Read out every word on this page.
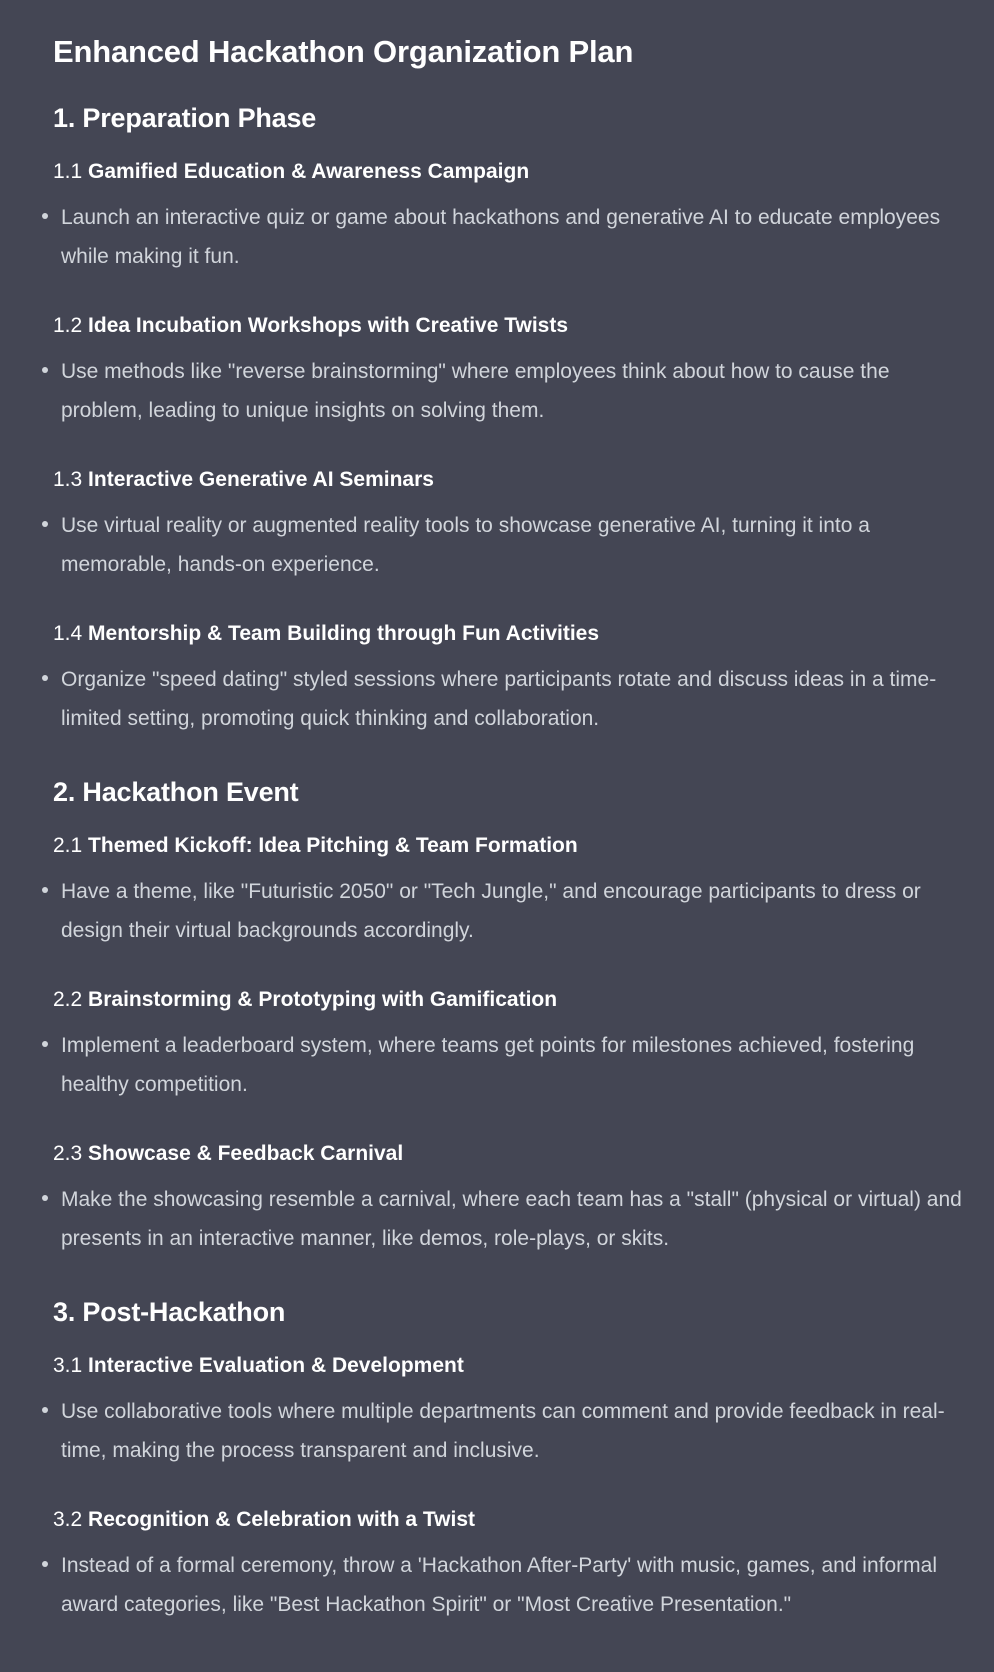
Enhanced Hackathon Organization Plan
1. Preparation Phase
1.1 Gamified Education & Awareness Campaign
Launch an interactive quiz or game about hackathons and generative AI to educate employees while making it fun.
1.2 Idea Incubation Workshops with Creative Twists
Use methods like "reverse brainstorming" where employees think about how to cause the problem, leading to unique insights on solving them.
1.3 Interactive Generative AI Seminars
Use virtual reality or augmented reality tools to showcase generative AI, turning it into a memorable, hands-on experience.
1.4 Mentorship & Team Building through Fun Activities
Organize "speed dating" styled sessions where participants rotate and discuss ideas in a time-limited setting, promoting quick thinking and collaboration.
2. Hackathon Event
2.1 Themed Kickoff: Idea Pitching & Team Formation
Have a theme, like "Futuristic 2050" or "Tech Jungle," and encourage participants to dress or design their virtual backgrounds accordingly.
2.2 Brainstorming & Prototyping with Gamification
Implement a leaderboard system, where teams get points for milestones achieved, fostering healthy competition.
2.3 Showcase & Feedback Carnival
Make the showcasing resemble a carnival, where each team has a "stall" (physical or virtual) and presents in an interactive manner, like demos, role-plays, or skits.
3. Post-Hackathon
3.1 Interactive Evaluation & Development
Use collaborative tools where multiple departments can comment and provide feedback in real-time, making the process transparent and inclusive.
3.2 Recognition & Celebration with a Twist
Instead of a formal ceremony, throw a 'Hackathon After-Party' with music, games, and informal award categories, like "Best Hackathon Spirit" or "Most Creative Presentation."
